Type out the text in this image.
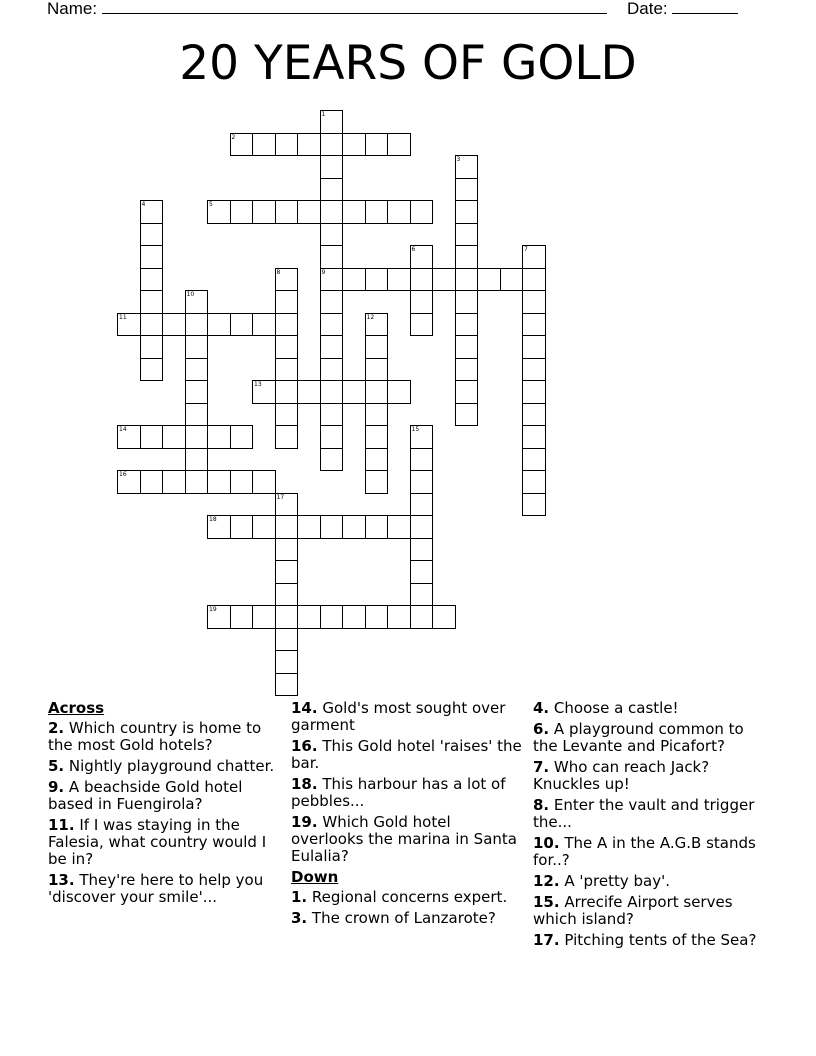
Name:	Date:
20 YEARS OF GOLD
1
2
3
4	5
6	7
8	9
10
11	12
13
14	15
16
17
18
19
Across
2. Which country is home to the most Gold hotels?
5. Nightly playground chatter.
9. A beachside Gold hotel based in Fuengirola?
11. If I was staying in the Falesia, what country would I be in?
13. They're here to help you 'discover your smile'...
14. Gold's most sought over garment
16. This Gold hotel 'raises' the bar.
18. This harbour has a lot of pebbles...
19. Which Gold hotel overlooks the marina in Santa Eulalia?
Down
1. Regional concerns expert.
3. The crown of Lanzarote?
4. Choose a castle!
6. A playground common to the Levante and Picafort?
7. Who can reach Jack? Knuckles up!
8. Enter the vault and trigger the...
10. The A in the A.G.B stands for..?
12. A 'pretty bay'.
15. Arrecife Airport serves which island?
17. Pitching tents of the Sea?
